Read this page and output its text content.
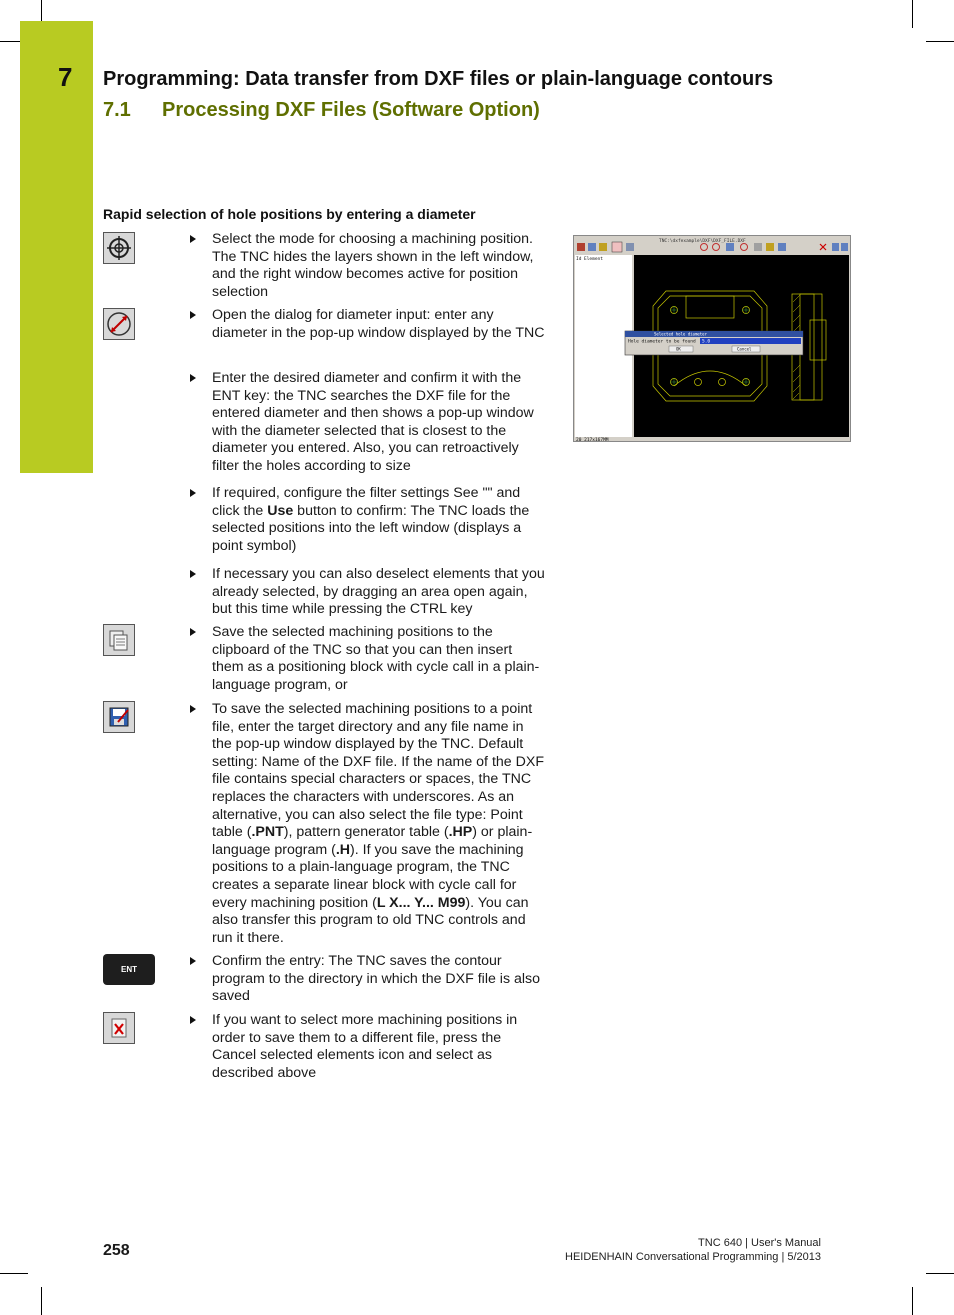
7 Programming: Data transfer from DXF files or plain-language contours
7.1 Processing DXF Files (Software Option)
Rapid selection of hole positions by entering a diameter
ENT
Select the mode for choosing a machining position. The TNC hides the layers shown in the left window, and the right window becomes active for position selection
Open the dialog for diameter input: enter any diameter in the pop-up window displayed by the TNC
Enter the desired diameter and confirm it with the ENT key: the TNC searches the DXF file for the entered diameter and then shows a pop-up window with the diameter selected that is closest to the diameter you entered. Also, you can retroactively filter the holes according to size
If required, configure the filter settings See "" and click the Use button to confirm: The TNC loads the selected positions into the left window (displays a point symbol)
If necessary you can also deselect elements that you already selected, by dragging an area open again, but this time while pressing the CTRL key
Save the selected machining positions to the clipboard of the TNC so that you can then insert them as a positioning block with cycle call in a plain-language program, or
To save the selected machining positions to a point file, enter the target directory and any file name in the pop-up window displayed by the TNC. Default setting: Name of the DXF file. If the name of the DXF file contains special characters or spaces, the TNC replaces the characters with underscores. As an alternative, you can also select the file type: Point table (.PNT), pattern generator table (.HP) or plain-language program (.H). If you save the machining positions to a plain-language program, the TNC creates a separate linear block with cycle call for every machining position (L X... Y... M99). You can also transfer this program to old TNC controls and run it there.
Confirm the entry: The TNC saves the contour program to the directory in which the DXF file is also saved
If you want to select more machining positions in order to save them to a different file, press the Cancel selected elements icon and select as described above
TNC:\dxfexample\DXF\DXF_FILE.DXF
Id Element
Selected hole diameter
Hole diameter to be found 5.0
OK	Cancel
20 217x167MM
258	TNC 640 | User's Manual
HEIDENHAIN Conversational Programming | 5/2013
